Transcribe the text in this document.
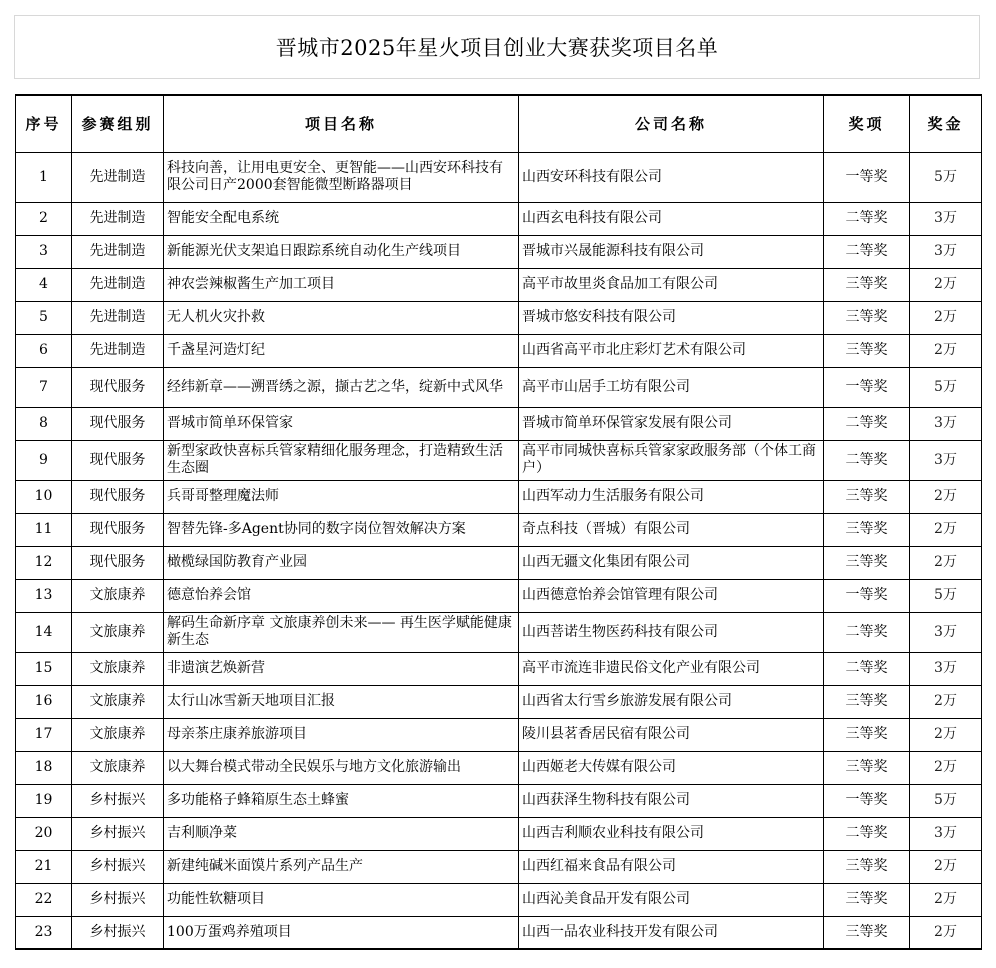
晋城市2025年星火项目创业大赛获奖项目名单
序号	参赛组别	项目名称	公司名称	奖项	奖金
1	先进制造	科技向善，让用电更安全、更智能——山西安环科技有限公司日产2000套智能微型断路器项目	山西安环科技有限公司	一等奖	5万
2	先进制造	智能安全配电系统	山西玄电科技有限公司	二等奖	3万
3	先进制造	新能源光伏支架追日跟踪系统自动化生产线项目	晋城市兴晟能源科技有限公司	二等奖	3万
4	先进制造	神农尝辣椒酱生产加工项目	高平市故里炎食品加工有限公司	三等奖	2万
5	先进制造	无人机火灾扑救	晋城市悠安科技有限公司	三等奖	2万
6	先进制造	千盏星河造灯纪	山西省高平市北庄彩灯艺术有限公司	三等奖	2万
7	现代服务	经纬新章——溯晋绣之源，撷古艺之华，绽新中式风华	高平市山居手工坊有限公司	一等奖	5万
8	现代服务	晋城市简单环保管家	晋城市简单环保管家发展有限公司	二等奖	3万
9	现代服务	新型家政快喜标兵管家精细化服务理念，打造精致生活生态圈	高平市同城快喜标兵管家家政服务部（个体工商户）	二等奖	3万
10	现代服务	兵哥哥整理魔法师	山西军动力生活服务有限公司	三等奖	2万
11	现代服务	智替先锋-多Agent协同的数字岗位智效解决方案	奇点科技（晋城）有限公司	三等奖	2万
12	现代服务	橄榄绿国防教育产业园	山西无疆文化集团有限公司	三等奖	2万
13	文旅康养	德意怡养会馆	山西德意怡养会馆管理有限公司	一等奖	5万
14	文旅康养	解码生命新序章 文旅康养创未来—— 再生医学赋能健康新生态	山西菩诺生物医药科技有限公司	二等奖	3万
15	文旅康养	非遗演艺焕新营	高平市流连非遗民俗文化产业有限公司	二等奖	3万
16	文旅康养	太行山冰雪新天地项目汇报	山西省太行雪乡旅游发展有限公司	三等奖	2万
17	文旅康养	母亲茶庄康养旅游项目	陵川县茗香居民宿有限公司	三等奖	2万
18	文旅康养	以大舞台模式带动全民娱乐与地方文化旅游输出	山西姬老大传媒有限公司	三等奖	2万
19	乡村振兴	多功能格子蜂箱原生态土蜂蜜	山西获泽生物科技有限公司	一等奖	5万
20	乡村振兴	吉利顺净菜	山西吉利顺农业科技有限公司	二等奖	3万
21	乡村振兴	新建纯碱米面馍片系列产品生产	山西红福来食品有限公司	三等奖	2万
22	乡村振兴	功能性软糖项目	山西沁美食品开发有限公司	三等奖	2万
23	乡村振兴	100万蛋鸡养殖项目	山西一品农业科技开发有限公司	三等奖	2万
